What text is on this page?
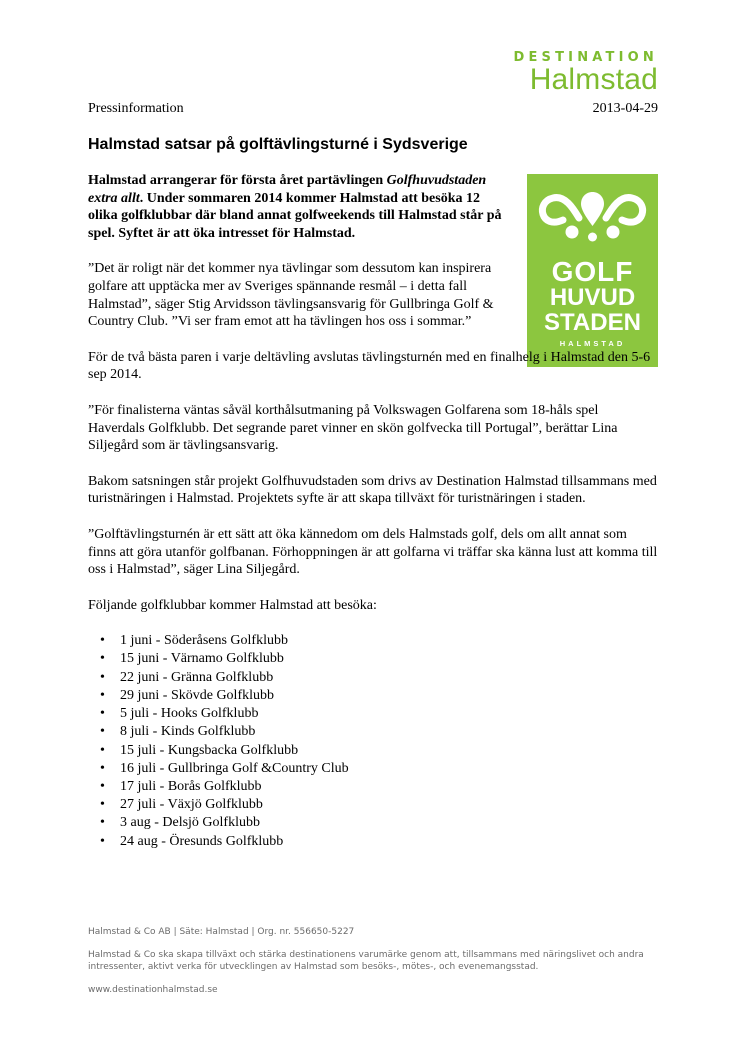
DESTINATION
Halmstad
Pressinformation	2013-04-29
Halmstad satsar på golftävlingsturné i Sydsverige
GOLF
HUVUD
STADEN
HALMSTAD

Halmstad arrangerar för första året partävlingen Golfhuvudstaden extra allt. Under sommaren 2014 kommer Halmstad att besöka 12 olika golfklubbar där bland annat golfweekends till Halmstad står på spel. Syftet är att öka intresset för Halmstad.

”Det är roligt när det kommer nya tävlingar som dessutom kan inspirera golfare att upptäcka mer av Sveriges spännande resmål – i detta fall Halmstad”, säger Stig Arvidsson tävlingsansvarig för Gullbringa Golf & Country Club. ”Vi ser fram emot att ha tävlingen hos oss i sommar.”

För de två bästa paren i varje deltävling avslutas tävlingsturnén med en finalhelg i Halmstad den 5-6 sep 2014.

”För finalisterna väntas såväl korthålsutmaning på Volkswagen Golfarena som 18-håls spel Haverdals Golfklubb. Det segrande paret vinner en skön golfvecka till Portugal”, berättar Lina Siljegård som är tävlingsansvarig.

Bakom satsningen står projekt Golfhuvudstaden som drivs av Destination Halmstad tillsammans med turistnäringen i Halmstad. Projektets syfte är att skapa tillväxt för turistnäringen i staden.

”Golftävlingsturnén är ett sätt att öka kännedom om dels Halmstads golf, dels om allt annat som finns att göra utanför golfbanan. Förhoppningen är att golfarna vi träffar ska känna lust att komma till oss i Halmstad”, säger Lina Siljegård.

Följande golfklubbar kommer Halmstad att besöka:

• 1 juni - Söderåsens Golfklubb
• 15 juni - Värnamo Golfklubb
• 22 juni - Gränna Golfklubb
• 29 juni - Skövde Golfklubb
• 5 juli - Hooks Golfklubb
• 8 juli - Kinds Golfklubb
• 15 juli - Kungsbacka Golfklubb
• 16 juli - Gullbringa Golf &Country Club
• 17 juli - Borås Golfklubb
• 27 juli - Växjö Golfklubb
• 3 aug - Delsjö Golfklubb
• 24 aug - Öresunds Golfklubb

Halmstad & Co AB | Säte: Halmstad | Org. nr. 556650-5227

Halmstad & Co ska skapa tillväxt och stärka destinationens varumärke genom att, tillsammans med näringslivet och andra intressenter, aktivt verka för utvecklingen av Halmstad som besöks-, mötes-, och evenemangsstad.

www.destinationhalmstad.se
